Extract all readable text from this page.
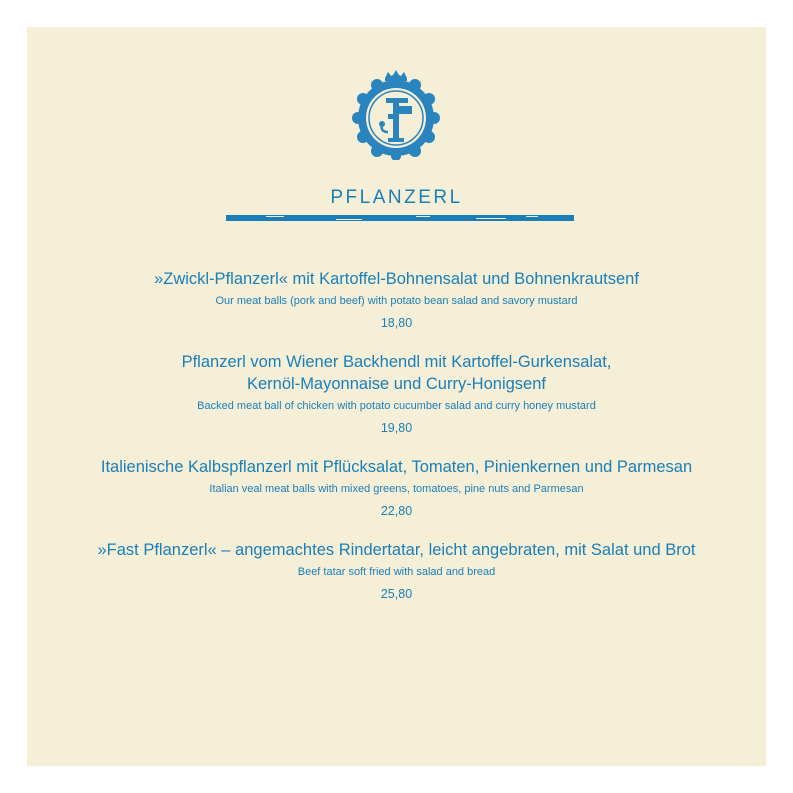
PFLANZERL
»Zwickl-Pflanzerl« mit Kartoffel-Bohnensalat und Bohnenkrautsenf
Our meat balls (pork and beef) with potato bean salad and savory mustard
18,80
Pflanzerl vom Wiener Backhendl mit Kartoffel-Gurkensalat,
Kernöl-Mayonnaise und Curry-Honigsenf
Backed meat ball of chicken with potato cucumber salad and curry honey mustard
19,80
Italienische Kalbspflanzerl mit Pflücksalat, Tomaten, Pinienkernen und Parmesan
Italian veal meat balls with mixed greens, tomatoes, pine nuts and Parmesan
22,80
»Fast Pflanzerl« – angemachtes Rindertatar, leicht angebraten, mit Salat und Brot
Beef tatar soft fried with salad and bread
25,80
